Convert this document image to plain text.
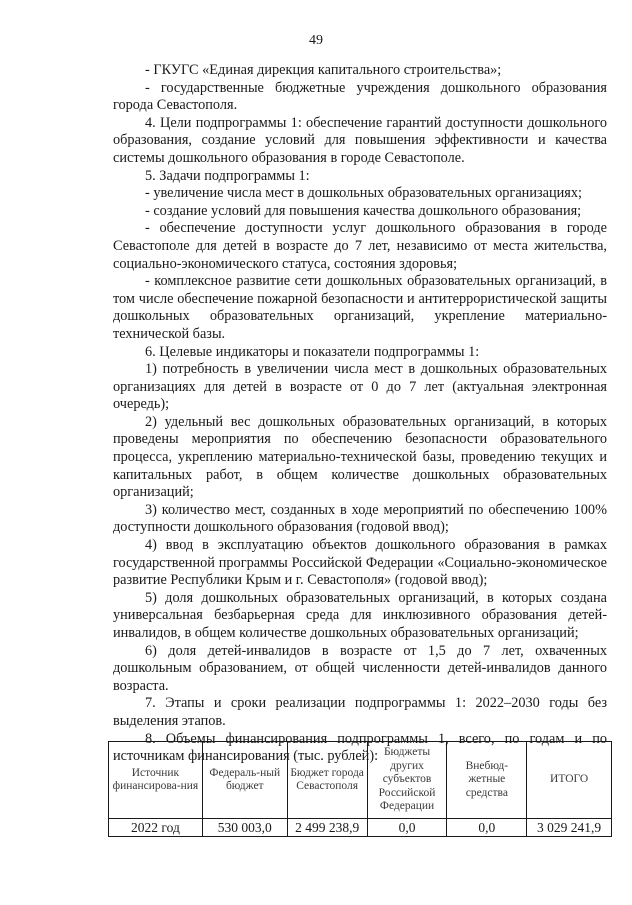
49

- ГКУГС «Единая дирекция капитального строительства»;

- государственные бюджетные учреждения дошкольного образования города Севастополя.

4. Цели подпрограммы 1: обеспечение гарантий доступности дошкольного образования, создание условий для повышения эффективности и качества системы дошкольного образования в городе Севастополе.

5. Задачи подпрограммы 1:

- увеличение числа мест в дошкольных образовательных организациях;

- создание условий для повышения качества дошкольного образования;

- обеспечение доступности услуг дошкольного образования в городе Севастополе для детей в возрасте до 7 лет, независимо от места жительства, социально-экономического статуса, состояния здоровья;

- комплексное развитие сети дошкольных образовательных организаций, в том числе обеспечение пожарной безопасности и антитеррористической защиты дошкольных образовательных организаций, укрепление материально-технической базы.

6. Целевые индикаторы и показатели подпрограммы 1:

1) потребность в увеличении числа мест в дошкольных образовательных организациях для детей в возрасте от 0 до 7 лет (актуальная электронная очередь);

2) удельный вес дошкольных образовательных организаций, в которых проведены мероприятия по обеспечению безопасности образовательного процесса, укреплению материально-технической базы, проведению текущих и капитальных работ, в общем количестве дошкольных образовательных организаций;

3) количество мест, созданных в ходе мероприятий по обеспечению 100% доступности дошкольного образования (годовой ввод);

4) ввод в эксплуатацию объектов дошкольного образования в рамках государственной программы Российской Федерации «Социально-экономическое развитие Республики Крым и г. Севастополя» (годовой ввод);

5) доля дошкольных образовательных организаций, в которых создана универсальная безбарьерная среда для инклюзивного образования детей-инвалидов, в общем количестве дошкольных образовательных организаций;

6) доля детей-инвалидов в возрасте от 1,5 до 7 лет, охваченных дошкольным образованием, от общей численности детей-инвалидов данного возраста.

7. Этапы и сроки реализации подпрограммы 1: 2022–2030 годы без выделения этапов.

8. Объемы финансирования подпрограммы 1, всего, по годам и по источникам финансирования (тыс. рублей):

Источник финансирова-ния	Федераль-ный бюджет	Бюджет города Севастополя	Бюджеты других субъектов Российской Федерации	Внебюд-жетные средства	ИТОГО
2022 год	530 003,0	2 499 238,9	0,0	0,0	3 029 241,9
